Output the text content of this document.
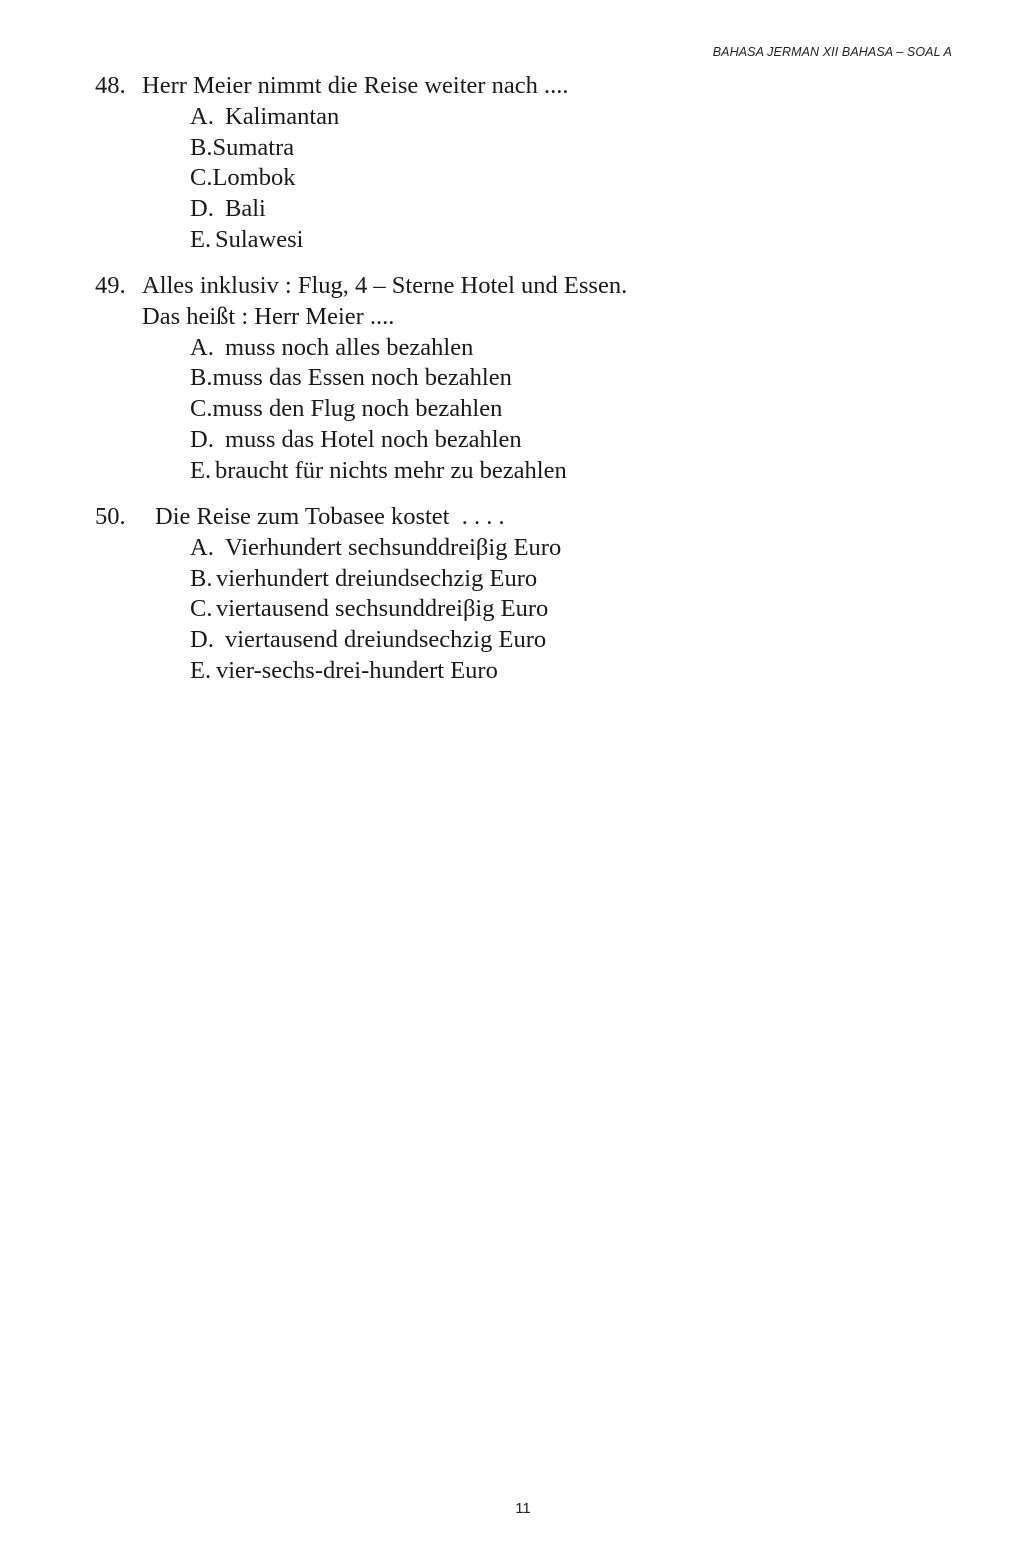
BAHASA JERMAN XII BAHASA – SOAL A
48. Herr Meier nimmt die Reise weiter nach ....
A. Kalimantan
B.Sumatra
C.Lombok
D. Bali
E. Sulawesi
49. Alles inklusiv : Flug, 4 – Sterne Hotel und Essen.
Das heißt : Herr Meier ....
A. muss noch alles bezahlen
B.muss das Essen noch bezahlen
C.muss den Flug noch bezahlen
D. muss das Hotel noch bezahlen
E. braucht für nichts mehr zu bezahlen
50. Die Reise zum Tobasee kostet  . . . .
A. Vierhundert sechsunddreiβig Euro
B. vierhundert dreiundsechzig Euro
C. viertausend sechsunddreiβig Euro
D. viertausend dreiundsechzig Euro
E. vier-sechs-drei-hundert Euro
11
